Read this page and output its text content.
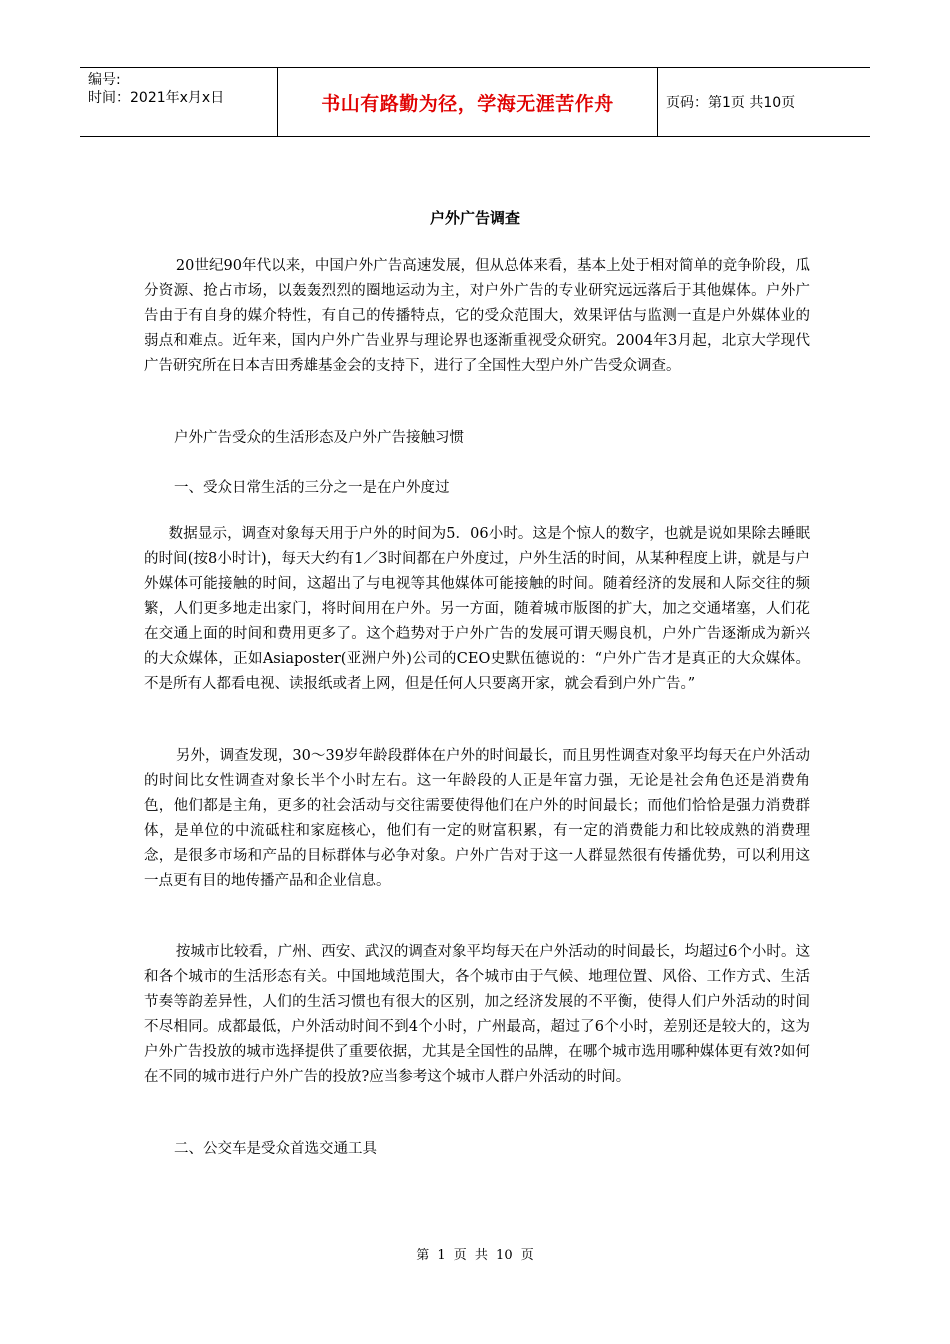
编号:
时间：2021年x月x日	书山有路勤为径，学海无涯苦作舟	页码：第1页 共10页
户外广告调查
20世纪90年代以来，中国户外广告高速发展，但从总体来看，基本上处于相对简单的竞争阶段，瓜分资源、抢占市场，以轰轰烈烈的圈地运动为主，对户外广告的专业研究远远落后于其他媒体。户外广告由于有自身的媒介特性，有自己的传播特点，它的受众范围大，效果评估与监测一直是户外媒体业的弱点和难点。近年来，国内户外广告业界与理论界也逐渐重视受众研究。2004年3月起，北京大学现代广告研究所在日本吉田秀雄基金会的支持下，进行了全国性大型户外广告受众调查。
户外广告受众的生活形态及户外广告接触习惯
一、受众日常生活的三分之一是在户外度过
数据显示，调查对象每天用于户外的时间为5．06小时。这是个惊人的数字，也就是说如果除去睡眠的时间(按8小时计)，每天大约有1／3时间都在户外度过，户外生活的时间，从某种程度上讲，就是与户外媒体可能接触的时间，这超出了与电视等其他媒体可能接触的时间。随着经济的发展和人际交往的频繁，人们更多地走出家门，将时间用在户外。另一方面，随着城市版图的扩大，加之交通堵塞，人们花在交通上面的时间和费用更多了。这个趋势对于户外广告的发展可谓天赐良机，户外广告逐渐成为新兴的大众媒体，正如Asiaposter(亚洲户外)公司的CEO史默伍德说的：“户外广告才是真正的大众媒体。不是所有人都看电视、读报纸或者上网，但是任何人只要离开家，就会看到户外广告。”
另外，调查发现，30～39岁年龄段群体在户外的时间最长，而且男性调查对象平均每天在户外活动的时间比女性调查对象长半个小时左右。这一年龄段的人正是年富力强，无论是社会角色还是消费角色，他们都是主角，更多的社会活动与交往需要使得他们在户外的时间最长；而他们恰恰是强力消费群体，是单位的中流砥柱和家庭核心，他们有一定的财富积累，有一定的消费能力和比较成熟的消费理念，是很多市场和产品的目标群体与必争对象。户外广告对于这一人群显然很有传播优势，可以利用这一点更有目的地传播产品和企业信息。
按城市比较看，广州、西安、武汉的调查对象平均每天在户外活动的时间最长，均超过6个小时。这和各个城市的生活形态有关。中国地域范围大，各个城市由于气候、地理位置、风俗、工作方式、生活节奏等韵差异性，人们的生活习惯也有很大的区别，加之经济发展的不平衡，使得人们户外活动的时间不尽相同。成都最低，户外活动时间不到4个小时，广州最高，超过了6个小时，差别还是较大的，这为户外广告投放的城市选择提供了重要依据，尤其是全国性的品牌，在哪个城市选用哪种媒体更有效?如何在不同的城市进行户外广告的投放?应当参考这个城市人群户外活动的时间。
二、公交车是受众首选交通工具
第 1 页 共 10 页
